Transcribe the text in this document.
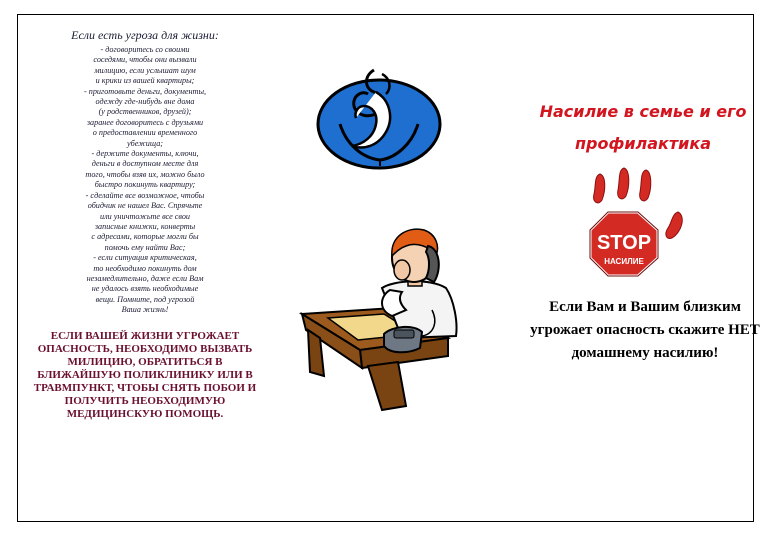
Если есть угроза для жизни:
- договоритесь со своими
соседями, чтобы они вызвали
милицию, если услышат шум
и крики из вашей квартиры;
- приготовьте деньги, документы,
одежду где-нибудь вне дома
(у родственников, друзей);
заранее договоритесь с друзьями
о предоставлении временного
убежища;
- держите документы, ключи,
деньги в доступном месте для
того, чтобы взяв их, можно было
быстро покинуть квартиру;
- сделайте все возможное, чтобы
обидчик не нашел Вас. Спрячьте
или уничтожьте все свои
записные книжки, конверты
с адресами, которые могли бы
помочь ему найти Вас;
- если ситуация критическая,
то необходимо покинуть дом
незамедлительно, даже если Вам
не удалось взять необходимые
вещи. Помните, под угрозой
Ваша жизнь!
ЕСЛИ ВАШЕЙ ЖИЗНИ УГРОЖАЕТ ОПАСНОСТЬ, НЕОБХОДИМО ВЫЗВАТЬ МИЛИЦИЮ, ОБРАТИТЬСЯ В БЛИЖАЙШУЮ ПОЛИКЛИНИКУ ИЛИ В ТРАВМПУНКТ, ЧТОБЫ СНЯТЬ ПОБОИ И ПОЛУЧИТЬ НЕОБХОДИМУЮ МЕДИЦИНСКУЮ ПОМОЩЬ.
Насилие в семье и его
профилактика
STOP
НАСИЛИЕ
Если Вам и Вашим близким угрожает опасность скажите НЕТ домашнему насилию!
